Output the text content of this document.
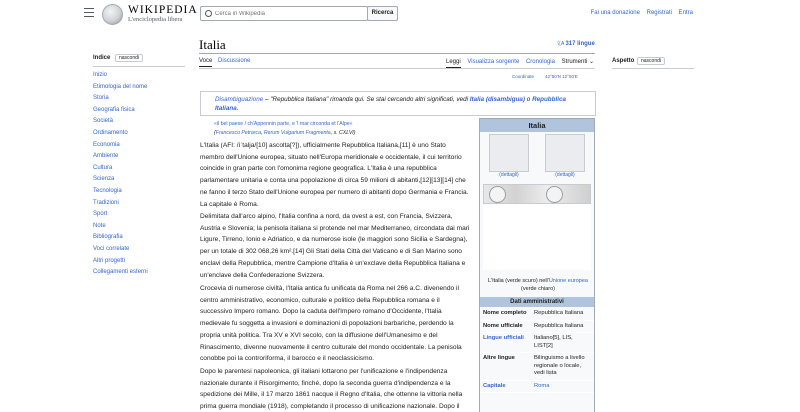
WIKIPEDIA
L'enciclopedia libera
Cerca in Wikipedia
Ricerca	Fai una donazione Registrati Entra
Indice	nascondi
Inizio
Etimologia del nome
Storia
Geografia fisica
Società
Ordinamento
Economia
Ambiente
Cultura
Scienza
Tecnologia
Tradizioni
Sport
Note
Bibliografia
Voci correlate
Altri progetti
Collegamenti esterni
Italia
文A	317 lingue
Voce Discussione	Leggi Visualizza sorgente Cronologia Strumenti ⌄
Coordinate 42°50′N 12°50′E
Aspetto	nascondi
Disambiguazione – "Repubblica Italiana" rimanda qui. Se stai cercando altri significati, vedi Italia (disambigua) o Repubblica Italiana.
«il bel paese / ch'Appennin parte, e 'l mar circonda et l'Alpe»
(Francesco Petrarca, Rerum Vulgarium Fragmenta, s. CXLVI)

L'Italia (AFI: /iˈtalja/[10] ascolta[?]), ufficialmente Repubblica Italiana,[11] è uno Stato membro dell'Unione europea, situato nell'Europa meridionale e occidentale, il cui territorio coincide in gran parte con l'omonima regione geografica. L'Italia è una repubblica parlamentare unitaria e conta una popolazione di circa 59 milioni di abitanti,[12][13][14] che ne fanno il terzo Stato dell'Unione europea per numero di abitanti dopo Germania e Francia. La capitale è Roma.

Delimitata dall'arco alpino, l'Italia confina a nord, da ovest a est, con Francia, Svizzera, Austria e Slovenia; la penisola italiana si protende nel mar Mediterraneo, circondata dai mari Ligure, Tirreno, Ionio e Adriatico, e da numerose isole (le maggiori sono Sicilia e Sardegna), per un totale di 302 068,26 km².[14] Gli Stati della Città del Vaticano e di San Marino sono enclavi della Repubblica, mentre Campione d'Italia è un'exclave della Repubblica Italiana e un'enclave della Confederazione Svizzera.

Crocevia di numerose civiltà, l'Italia antica fu unificata da Roma nel 266 a.C. divenendo il centro amministrativo, economico, culturale e politico della Repubblica romana e il successivo Impero romano. Dopo la caduta dell'Impero romano d'Occidente, l'Italia medievale fu soggetta a invasioni e dominazioni di popolazioni barbariche, perdendo la propria unità politica. Tra XV e XVI secolo, con la diffusione dell'Umanesimo e del Rinascimento, divenne nuovamente il centro culturale del mondo occidentale. La penisola conobbe poi la controriforma, il barocco e il neoclassicismo.

Dopo le parentesi napoleonica, gli italiani lottarono per l'unificazione e l'indipendenza nazionale durante il Risorgimento, finché, dopo la seconda guerra d'indipendenza e la spedizione dei Mille, il 17 marzo 1861 nacque il Regno d'Italia, che ottenne la vittoria nella prima guerra mondiale (1918), completando il processo di unificazione nazionale. Dopo il

Italia
(dettagli)	(dettagli)
L'Italia (verde scuro) nell'Unione europea (verde chiaro)
Dati amministrativi
Nome completo	Repubblica Italiana
Nome ufficiale	Repubblica Italiana
Lingue ufficiali	Italiano[5], LIS, LIST[2]
Altre lingue	Bilinguismo a livello regionale o locale, vedi lista
Capitale	Roma
